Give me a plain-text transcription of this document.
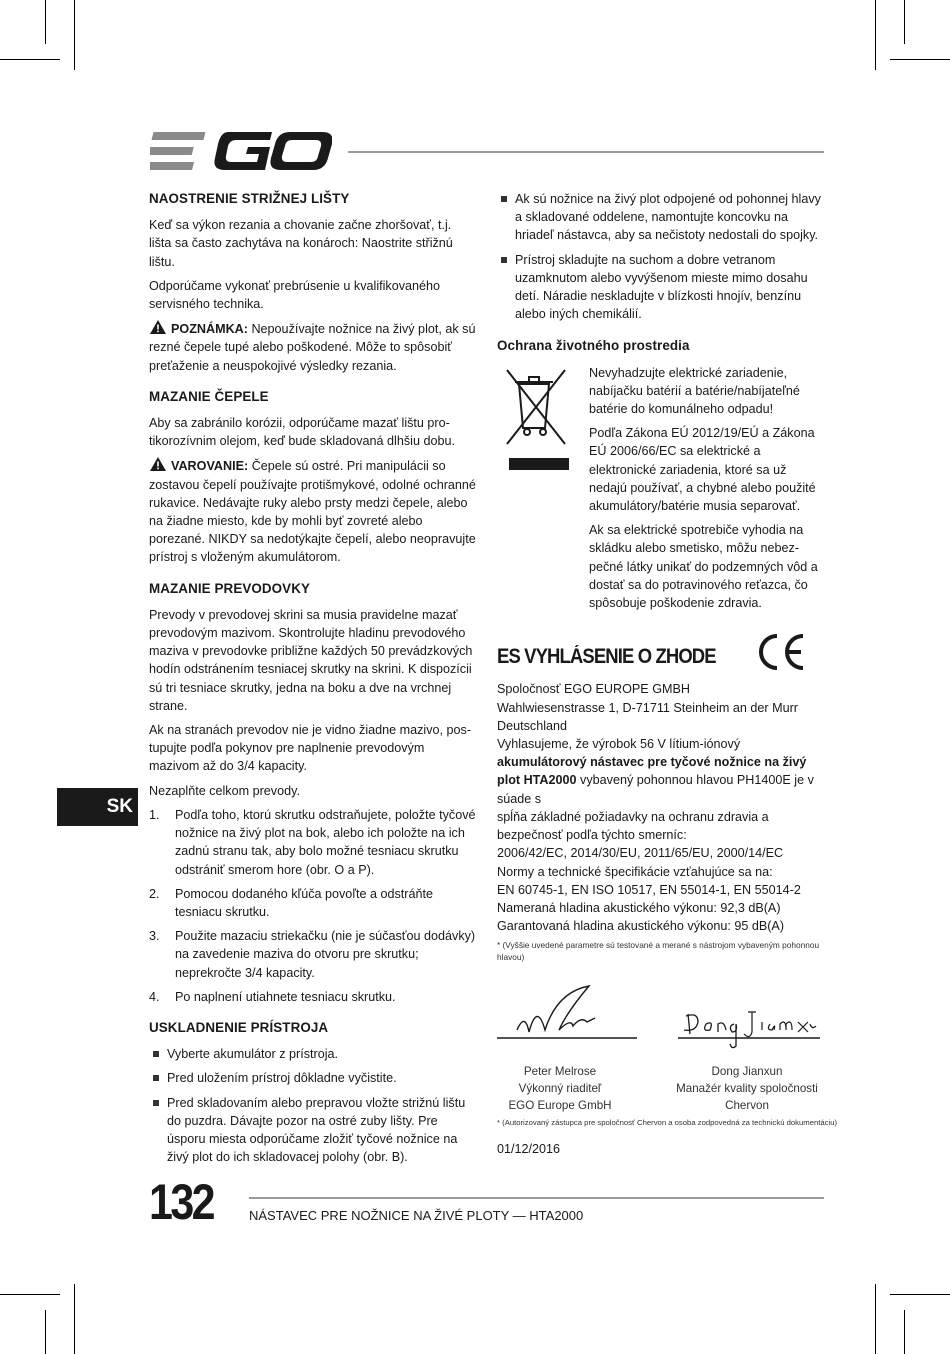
NAOSTRENIE STRIŽNEJ LIŠTY

Keď sa výkon rezania a chovanie začne zhoršovať, t.j. lišta sa často zachytáva na konároch: Naostrite střižnú lištu.

Odporúčame vykonať prebrúsenie u kvalifikovaného servisného technika.

POZNÁMKA: Nepoužívajte nožnice na živý plot, ak sú rezné čepele tupé alebo poškodené. Môže to spôsobiť preťaženie a neuspokojivé výsledky rezania.

MAZANIE ČEPELE

Aby sa zabránilo korózii, odporúčame mazať lištu protikorozívnim olejom, keď bude skladovaná dlhšiu dobu.

VAROVANIE: Čepele sú ostré. Pri manipulácii so zostavou čepelí používajte protišmykové, odolné ochranné rukavice. Nedávajte ruky alebo prsty medzi čepele, alebo na žiadne miesto, kde by mohli byť zovreté alebo porezané. NIKDY sa nedotýkajte čepelí, alebo neopravujte prístroj s vloženým akumulátorom.

MAZANIE PREVODOVKY

Prevody v prevodovej skrini sa musia pravidelne mazať prevodovým mazivom. Skontrolujte hladinu prevodového maziva v prevodovke približne každých 50 prevádzkových hodín odstránením tesniacej skrutky na skrini. K dispozícii sú tri tesniace skrutky, jedna na boku a dve na vrchnej strane.

Ak na stranách prevodov nie je vidno žiadne mazivo, postupujte podľa pokynov pre naplnenie prevodovým mazivom až do 3/4 kapacity.

Nezaplňte celkom prevody.

1. Podľa toho, ktorú skrutku odstraňujete, položte tyčové nožnice na živý plot na bok, alebo ich položte na ich zadnú stranu tak, aby bolo možné tesniacu skrutku odstrániť smerom hore (obr. O a P).
2. Pomocou dodaného kľúča povoľte a odstráňte tesniacu skrutku.
3. Použite mazaciu striekačku (nie je súčasťou dodávky) na zavedenie maziva do otvoru pre skrutku; neprekročte 3/4 kapacity.
4. Po naplnení utiahnete tesniacu skrutku.
USKLADNENIE PRÍSTROJA
Vyberte akumulátor z prístroja.
Pred uložením prístroj dôkladne vyčistite.
Pred skladovaním alebo prepravou vložte strižnú lištu do puzdra. Dávajte pozor na ostré zuby lišty. Pre úsporu miesta odporúčame zložiť tyčové nožnice na živý plot do ich skladovacej polohy (obr. B).
SK
Ak sú nožnice na živý plot odpojené od pohonnej hlavy a skladované oddelene, namontujte koncovku na hriadeľ nástavca, aby sa nečistoty nedostali do spojky.
Prístroj skladujte na suchom a dobre vetranom uzamknutom alebo vyvýšenom mieste mimo dosahu detí. Náradie neskladujte v blízkosti hnojív, benzínu alebo iných chemikálií.
Ochrana životného prostredia

Nevyhadzujte elektrické zariadenie, nabíjačku batérií a batérie/nabíjateľné batérie do komunálneho odpadu!

Podľa Zákona EÚ 2012/19/EÚ a Zákona EÚ 2006/66/EC sa elektrické a elektronické zariadenia, ktoré sa už nedajú používať, a chybné alebo použité akumulátory/batérie musia separovať.

Ak sa elektrické spotrebiče vyhodia na skládku alebo smetisko, môžu nebezpečné látky unikať do podzemných vôd a dostať sa do potravinového reťazca, čo spôsobuje poškodenie zdravia.

ES VYHLÁSENIE O ZHODE
Spoločnosť EGO EUROPE GMBH
Wahlwiesenstrasse 1, D-71711 Steinheim an der Murr
Deutschland
Vyhlasujeme, že výrobok 56 V lítium-iónový
akumulátorový nástavec pre tyčové nožnice na živý plot HTA2000 vybavený pohonnou hlavou PH1400E je v súade s
spĺňa základné požiadavky na ochranu zdravia a bezpečnosť podľa týchto smerníc:
2006/42/EC, 2014/30/EU, 2011/65/EU, 2000/14/EC
Normy a technické špecifikácie vzťahujúce sa na:
EN 60745-1, EN ISO 10517, EN 55014-1, EN 55014-2
Nameraná hladina akustického výkonu: 92,3 dB(A)
Garantovaná hladina akustického výkonu: 95 dB(A)
* (Vyššie uvedené parametre sú testované a merané s nástrojom vybaveným pohonnou hlavou)
Peter Melrose
Výkonný riaditeľ
EGO Europe GmbH
Dong Jianxun
Manažér kvality spoločnosti
Chervon
* (Autorizovaný zástupca pre spoločnosť Chervon a osoba zodpovedná za technickú dokumentáciu)
01/12/2016
132	NÁSTAVEC PRE NOŽNICE NA ŽIVÉ PLOTY — HTA2000
